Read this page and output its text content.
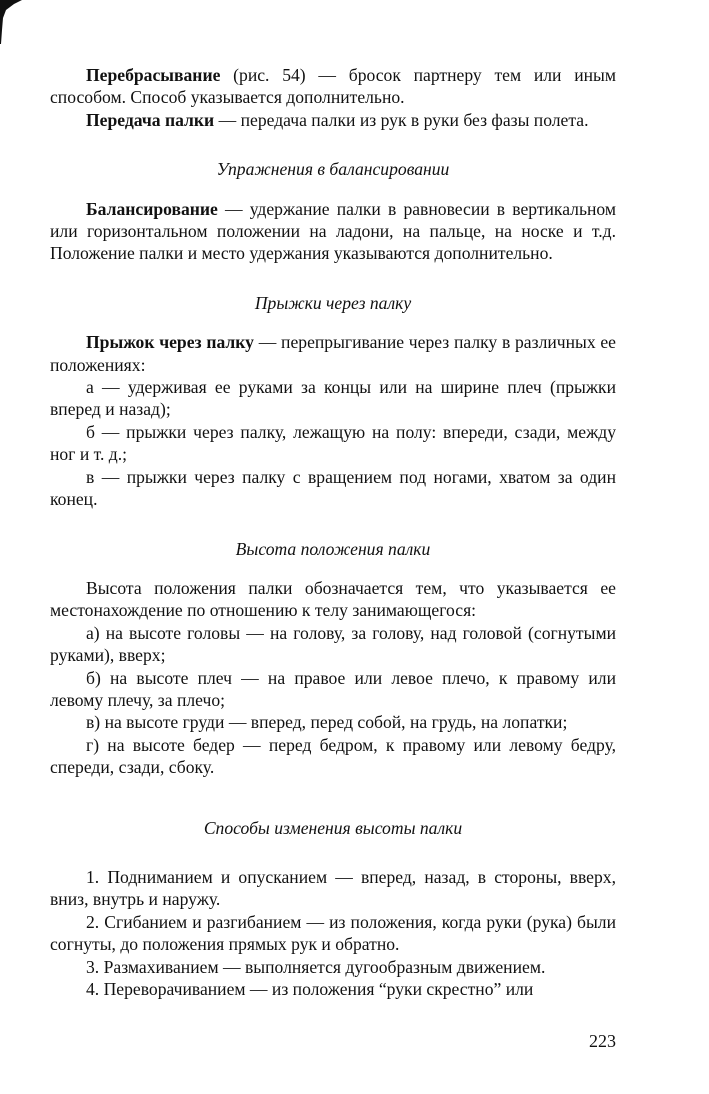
Перебрасывание (рис. 54) — бросок партнеру тем или иным способом. Способ указывается дополнительно.

Передача палки — передача палки из рук в руки без фазы полета.

Упражнения в балансировании

Балансирование — удержание палки в равновесии в вертикальном или горизонтальном положении на ладони, на пальце, на носке и т.д. Положение палки и место удержания указываются дополнительно.

Прыжки через палку

Прыжок через палку — перепрыгивание через палку в различных ее положениях:

а — удерживая ее руками за концы или на ширине плеч (прыжки вперед и назад);

б — прыжки через палку, лежащую на полу: впереди, сзади, между ног и т. д.;

в — прыжки через палку с вращением под ногами, хватом за один конец.

Высота положения палки

Высота положения палки обозначается тем, что указывается ее местонахождение по отношению к телу занимающегося:

а) на высоте головы — на голову, за голову, над головой (согнутыми руками), вверх;

б) на высоте плеч — на правое или левое плечо, к правому или левому плечу, за плечо;

в) на высоте груди — вперед, перед собой, на грудь, на лопатки;

г) на высоте бедер — перед бедром, к правому или левому бедру, спереди, сзади, сбоку.

Способы изменения высоты палки

1. Подниманием и опусканием — вперед, назад, в стороны, вверх, вниз, внутрь и наружу.

2. Сгибанием и разгибанием — из положения, когда руки (рука) были согнуты, до положения прямых рук и обратно.

3. Размахиванием — выполняется дугообразным движением.

4. Переворачиванием — из положения “руки скрестно” или

223
